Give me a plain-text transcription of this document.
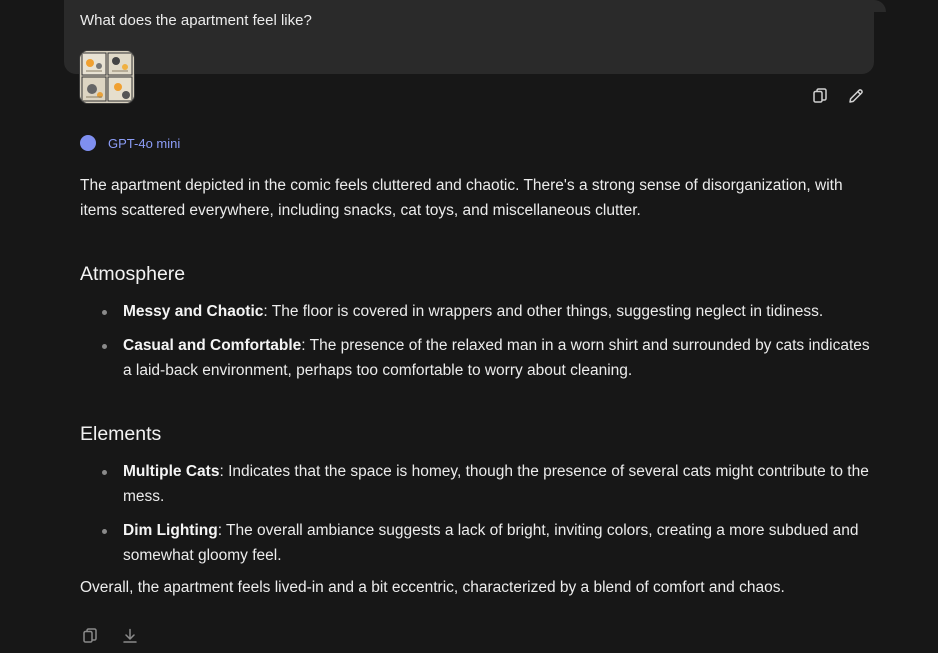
What does the apartment feel like?
GPT-4o mini

The apartment depicted in the comic feels cluttered and chaotic. There's a strong sense of disorganization, with items scattered everywhere, including snacks, cat toys, and miscellaneous clutter.

Atmosphere
Messy and Chaotic: The floor is covered in wrappers and other things, suggesting neglect in tidiness.
Casual and Comfortable: The presence of the relaxed man in a worn shirt and surrounded by cats indicates a laid-back environment, perhaps too comfortable to worry about cleaning.
Elements
Multiple Cats: Indicates that the space is homey, though the presence of several cats might contribute to the mess.
Dim Lighting: The overall ambiance suggests a lack of bright, inviting colors, creating a more subdued and somewhat gloomy feel.

Overall, the apartment feels lived-in and a bit eccentric, characterized by a blend of comfort and chaos.
